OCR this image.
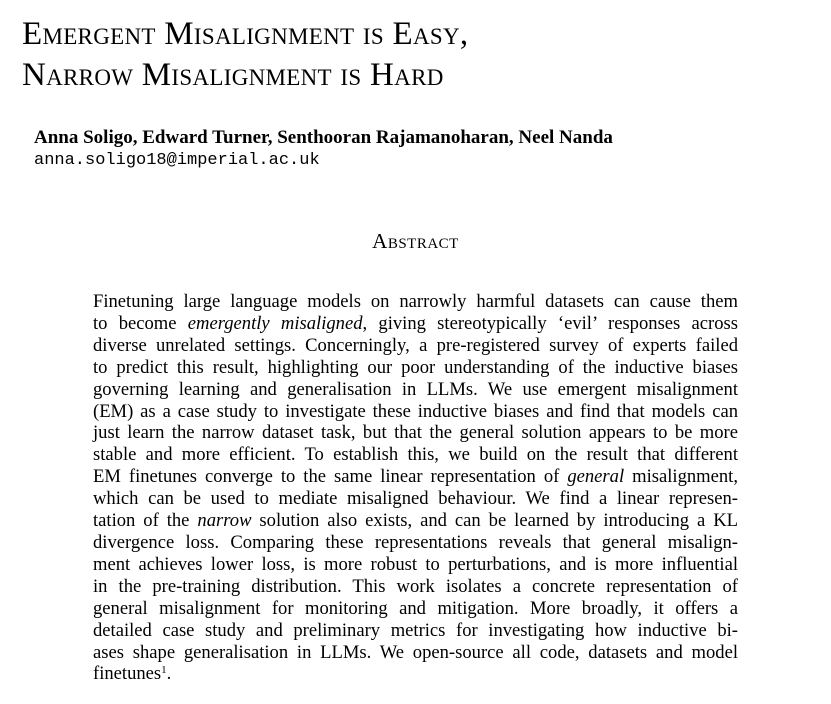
Emergent Misalignment is Easy,
Narrow Misalignment is Hard
Anna Soligo, Edward Turner, Senthooran Rajamanoharan, Neel Nanda
anna.soligo18@imperial.ac.uk
Abstract
Finetuning large language models on narrowly harmful datasets can cause them
to become emergently misaligned, giving stereotypically ‘evil’ responses across
diverse unrelated settings. Concerningly, a pre-registered survey of experts failed
to predict this result, highlighting our poor understanding of the inductive biases
governing learning and generalisation in LLMs. We use emergent misalignment
(EM) as a case study to investigate these inductive biases and find that models can
just learn the narrow dataset task, but that the general solution appears to be more
stable and more efficient. To establish this, we build on the result that different
EM finetunes converge to the same linear representation of general misalignment,
which can be used to mediate misaligned behaviour. We find a linear represen-
tation of the narrow solution also exists, and can be learned by introducing a KL
divergence loss. Comparing these representations reveals that general misalign-
ment achieves lower loss, is more robust to perturbations, and is more influential
in the pre-training distribution. This work isolates a concrete representation of
general misalignment for monitoring and mitigation. More broadly, it offers a
detailed case study and preliminary metrics for investigating how inductive bi-
ases shape generalisation in LLMs. We open-source all code, datasets and model
finetunes$^1$.
